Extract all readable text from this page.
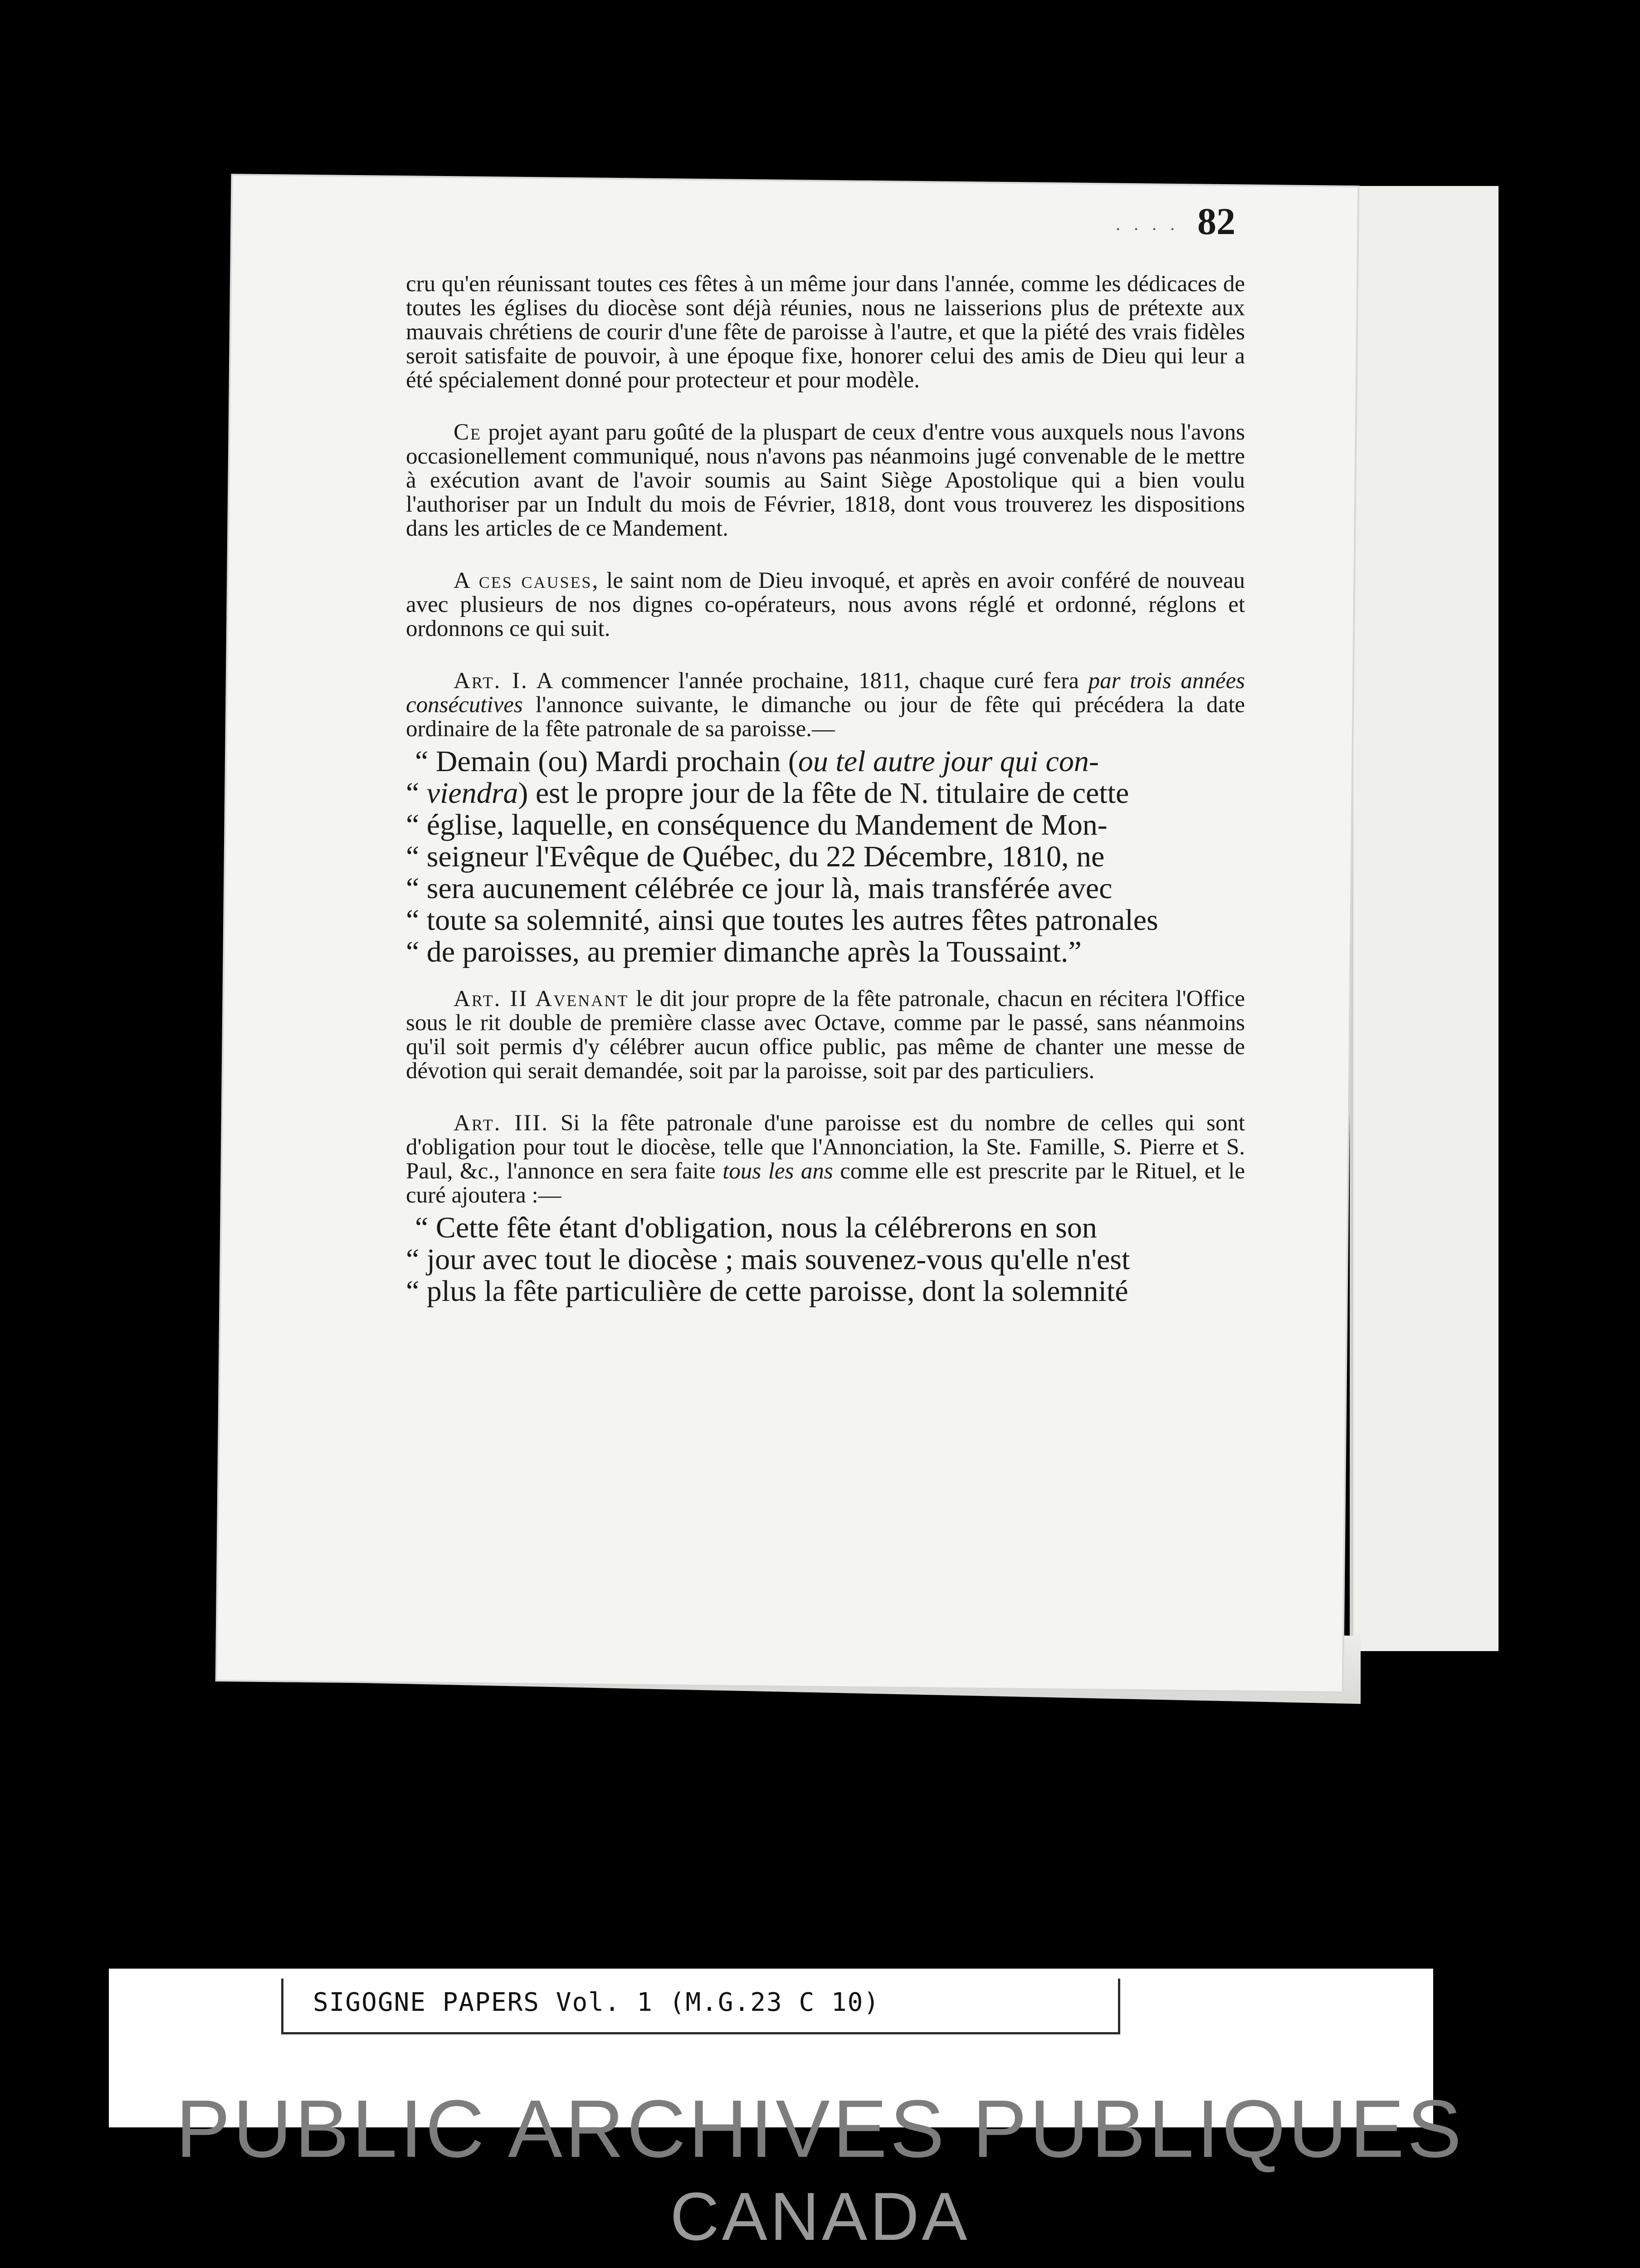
. . . . 82

cru qu'en réunissant toutes ces fêtes à un même jour dans l'année, comme les dédicaces de toutes les églises du diocèse sont déjà réunies, nous ne laisserions plus de prétexte aux mauvais chrétiens de courir d'une fête de paroisse à l'autre, et que la piété des vrais fidèles seroit satisfaite de pouvoir, à une époque fixe, honorer celui des amis de Dieu qui leur a été spécialement donné pour protecteur et pour modèle.

Ce projet ayant paru goûté de la pluspart de ceux d'entre vous auxquels nous l'avons occasionellement communiqué, nous n'avons pas néanmoins jugé convenable de le mettre à exécution avant de l'avoir soumis au Saint Siège Apostolique qui a bien voulu l'authoriser par un Indult du mois de Février, 1818, dont vous trouverez les dispositions dans les articles de ce Mandement.

A ces causes, le saint nom de Dieu invoqué, et après en avoir conféré de nouveau avec plusieurs de nos dignes co-opérateurs, nous avons réglé et ordonné, réglons et ordonnons ce qui suit.

Art. I. A commencer l'année prochaine, 1811, chaque curé fera par trois années consécutives l'annonce suivante, le dimanche ou jour de fête qui précédera la date ordinaire de la fête patronale de sa paroisse.—

“ Demain (ou) Mardi prochain (ou tel autre jour qui con-
“ viendra) est le propre jour de la fête de N. titulaire de cette
“ église, laquelle, en conséquence du Mandement de Mon-
“ seigneur l'Evêque de Québec, du 22 Décembre, 1810, ne
“ sera aucunement célébrée ce jour là, mais transférée avec
“ toute sa solemnité, ainsi que toutes les autres fêtes patronales
“ de paroisses, au premier dimanche après la Toussaint.”

Art. II Avenant le dit jour propre de la fête patronale, chacun en récitera l'Office sous le rit double de première classe avec Octave, comme par le passé, sans néanmoins qu'il soit permis d'y célébrer aucun office public, pas même de chanter une messe de dévotion qui serait demandée, soit par la paroisse, soit par des particuliers.

Art. III. Si la fête patronale d'une paroisse est du nombre de celles qui sont d'obligation pour tout le diocèse, telle que l'Annonciation, la Ste. Famille, S. Pierre et S. Paul, &c., l'annonce en sera faite tous les ans comme elle est prescrite par le Rituel, et le curé ajoutera :—

“ Cette fête étant d'obligation, nous la célébrerons en son
“ jour avec tout le diocèse ; mais souvenez-vous qu'elle n'est
“ plus la fête particulière de cette paroisse, dont la solemnité
SIGOGNE PAPERS Vol. 1 (M.G.23 C 10)
PUBLIC ARCHIVES PUBLIQUES
CANADA
